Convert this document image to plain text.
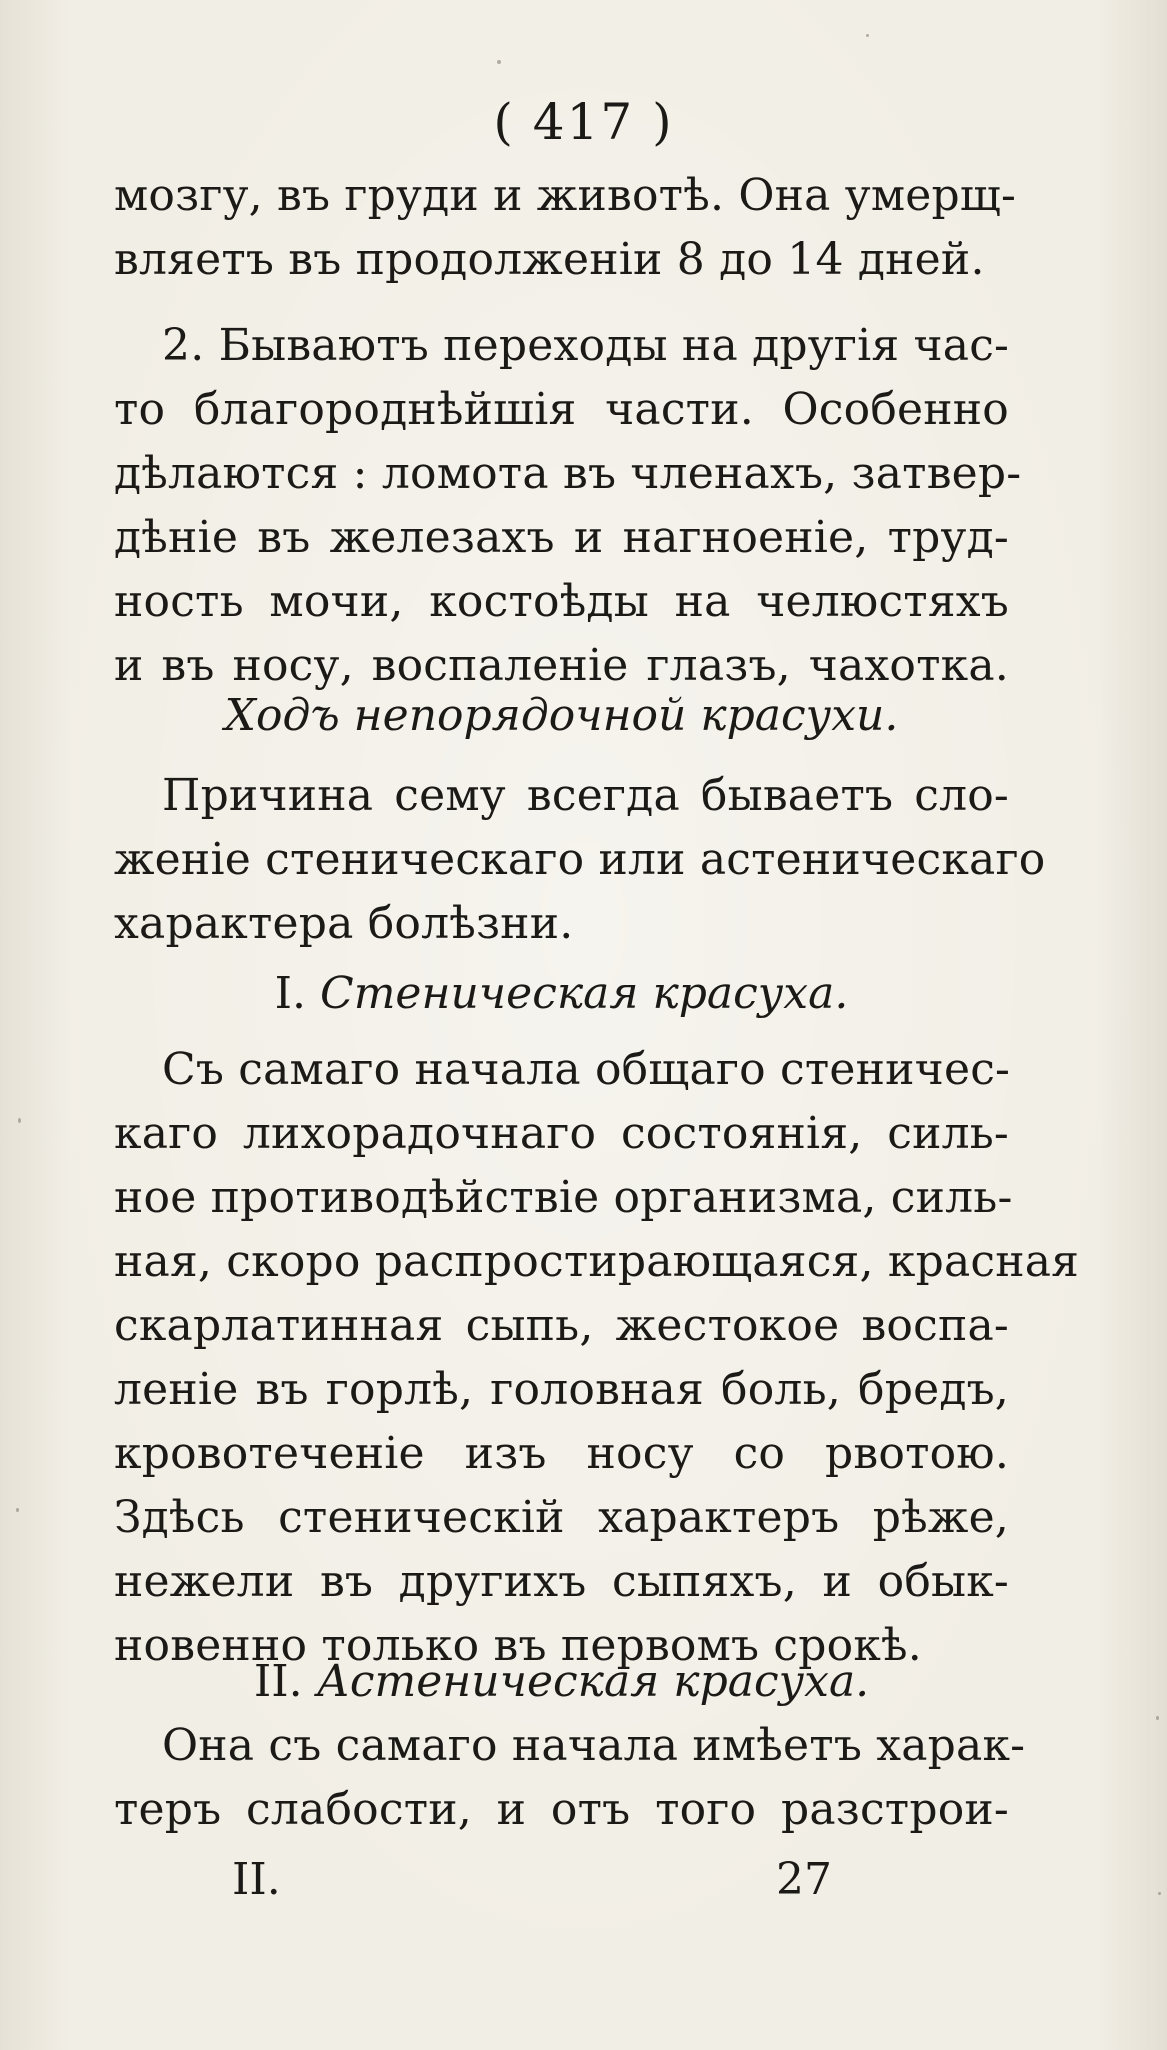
( 417 )
мозгу, въ груди и животѣ. Она умерщ-
вляетъ въ продолженіи 8 до 14 дней.
2. Бываютъ переходы на другія час-
то благороднѣйшія части. Особенно
дѣлаются : ломота въ членахъ, затвер-
дѣніе въ железахъ и нагноеніе, труд-
ность мочи, костоѣды на челюстяхъ
и въ носу, воспаленіе глазъ, чахотка.
Ходъ непорядочной красухи.
Причина сему всегда бываетъ сло-
женіе стеническаго или астеническаго
характера болѣзни.
I. Стеническая красуха.
Съ самаго начала общаго стеничес-
каго лихорадочнаго состоянія, силь-
ное противодѣйствіе организма, силь-
ная, скоро распростирающаяся, красная
скарлатинная сыпь, жестокое воспа-
леніе въ горлѣ, головная боль, бредъ,
кровотеченіе изъ носу со рвотою.
Здѣсь стеническій характеръ рѣже,
нежели въ другихъ сыпяхъ, и обык-
новенно только въ первомъ срокѣ.
II. Астеническая красуха.
Она съ самаго начала имѣетъ харак-
теръ слабости, и отъ того разстрои-
II.	27
